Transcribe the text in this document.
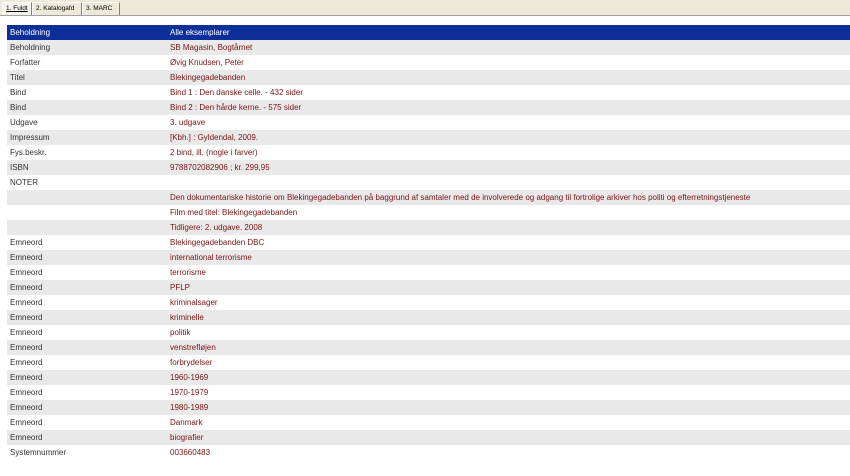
1. Fuldt	2. Katalogafd	3. MARC
Beholdning	Alle eksemplarer
Beholdning	SB Magasin, Bogtårnet
Forfatter	Øvig Knudsen, Peter
Titel	Blekingegadebanden
Bind	Bind 1 : Den danske celle. - 432 sider
Bind	Bind 2 : Den hårde kerne. - 575 sider
Udgave	3. udgave
Impressum	[Kbh.] : Gyldendal, 2009.
Fys.beskr.	2 bind, ill. (nogle i farver)
ISBN	9788702082906 ; kr. 299,95
NOTER	
	Den dokumentariske historie om Blekingegadebanden på baggrund af samtaler med de involverede og adgang til fortrolige arkiver hos politi og efterretningstjeneste
	Film med titel: Blekingegadebanden
	Tidligere: 2. udgave. 2008
Emneord	Blekingegadebanden DBC
Emneord	international terrorisme
Emneord	terrorisme
Emneord	PFLP
Emneord	kriminalsager
Emneord	kriminelle
Emneord	politik
Emneord	venstrefløjen
Emneord	forbrydelser
Emneord	1960-1969
Emneord	1970-1979
Emneord	1980-1989
Emneord	Danmark
Emneord	biografier
Systemnummer	003660483
